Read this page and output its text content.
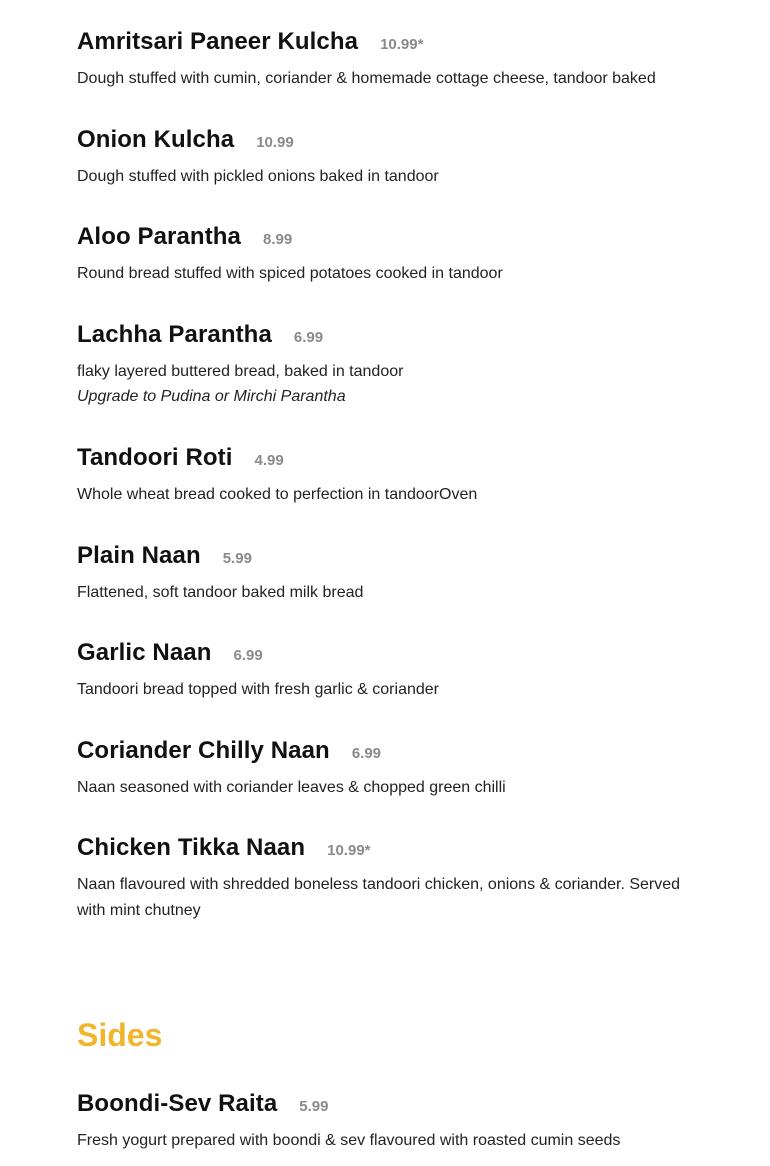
Amritsari Paneer Kulcha 10.99*
Dough stuffed with cumin, coriander & homemade cottage cheese, tandoor baked
Onion Kulcha 10.99
Dough stuffed with pickled onions baked in tandoor
Aloo Parantha 8.99
Round bread stuffed with spiced potatoes cooked in tandoor
Lachha Parantha 6.99
flaky layered buttered bread, baked in tandoor
Upgrade to Pudina or Mirchi Parantha
Tandoori Roti 4.99
Whole wheat bread cooked to perfection in tandoorOven
Plain Naan 5.99
Flattened, soft tandoor baked milk bread
Garlic Naan 6.99
Tandoori bread topped with fresh garlic & coriander
Coriander Chilly Naan 6.99
Naan seasoned with coriander leaves & chopped green chilli
Chicken Tikka Naan 10.99*
Naan flavoured with shredded boneless tandoori chicken, onions & coriander. Served with mint chutney
Sides
Boondi-Sev Raita 5.99
Fresh yogurt prepared with boondi & sev flavoured with roasted cumin seeds
